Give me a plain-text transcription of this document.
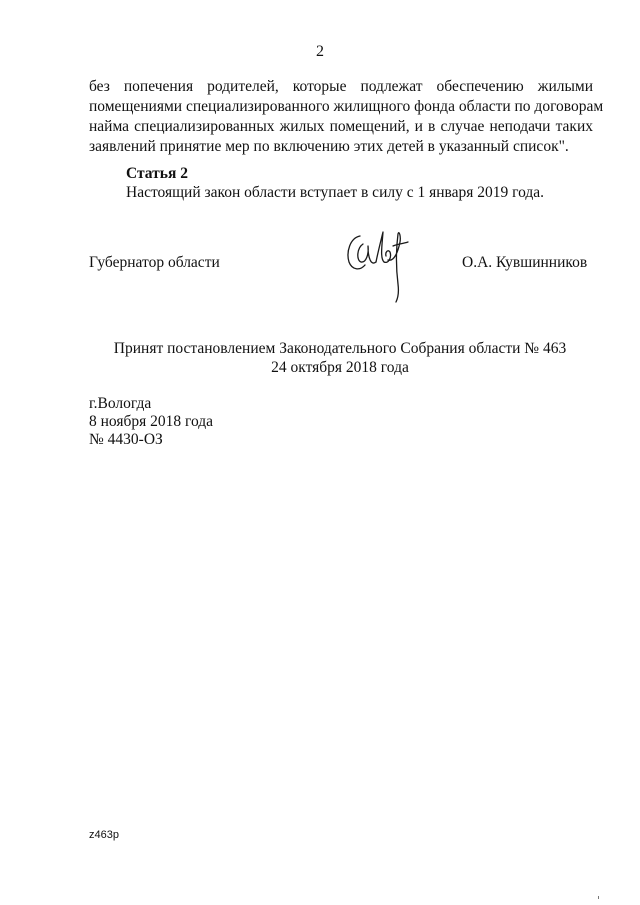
2
без попечения родителей, которые подлежат обеспечению жилыми
помещениями специализированного жилищного фонда области по договорам
найма специализированных жилых помещений, и в случае неподачи таких
заявлений принятие мер по включению этих детей в указанный список".
Статья 2
Настоящий закон области вступает в силу с 1 января 2019 года.
Губернатор области	О.А. Кувшинников
Принят постановлением Законодательного Собрания области № 463
24 октября 2018 года
г.Вологда
8 ноября 2018 года
№ 4430-ОЗ
z463p
